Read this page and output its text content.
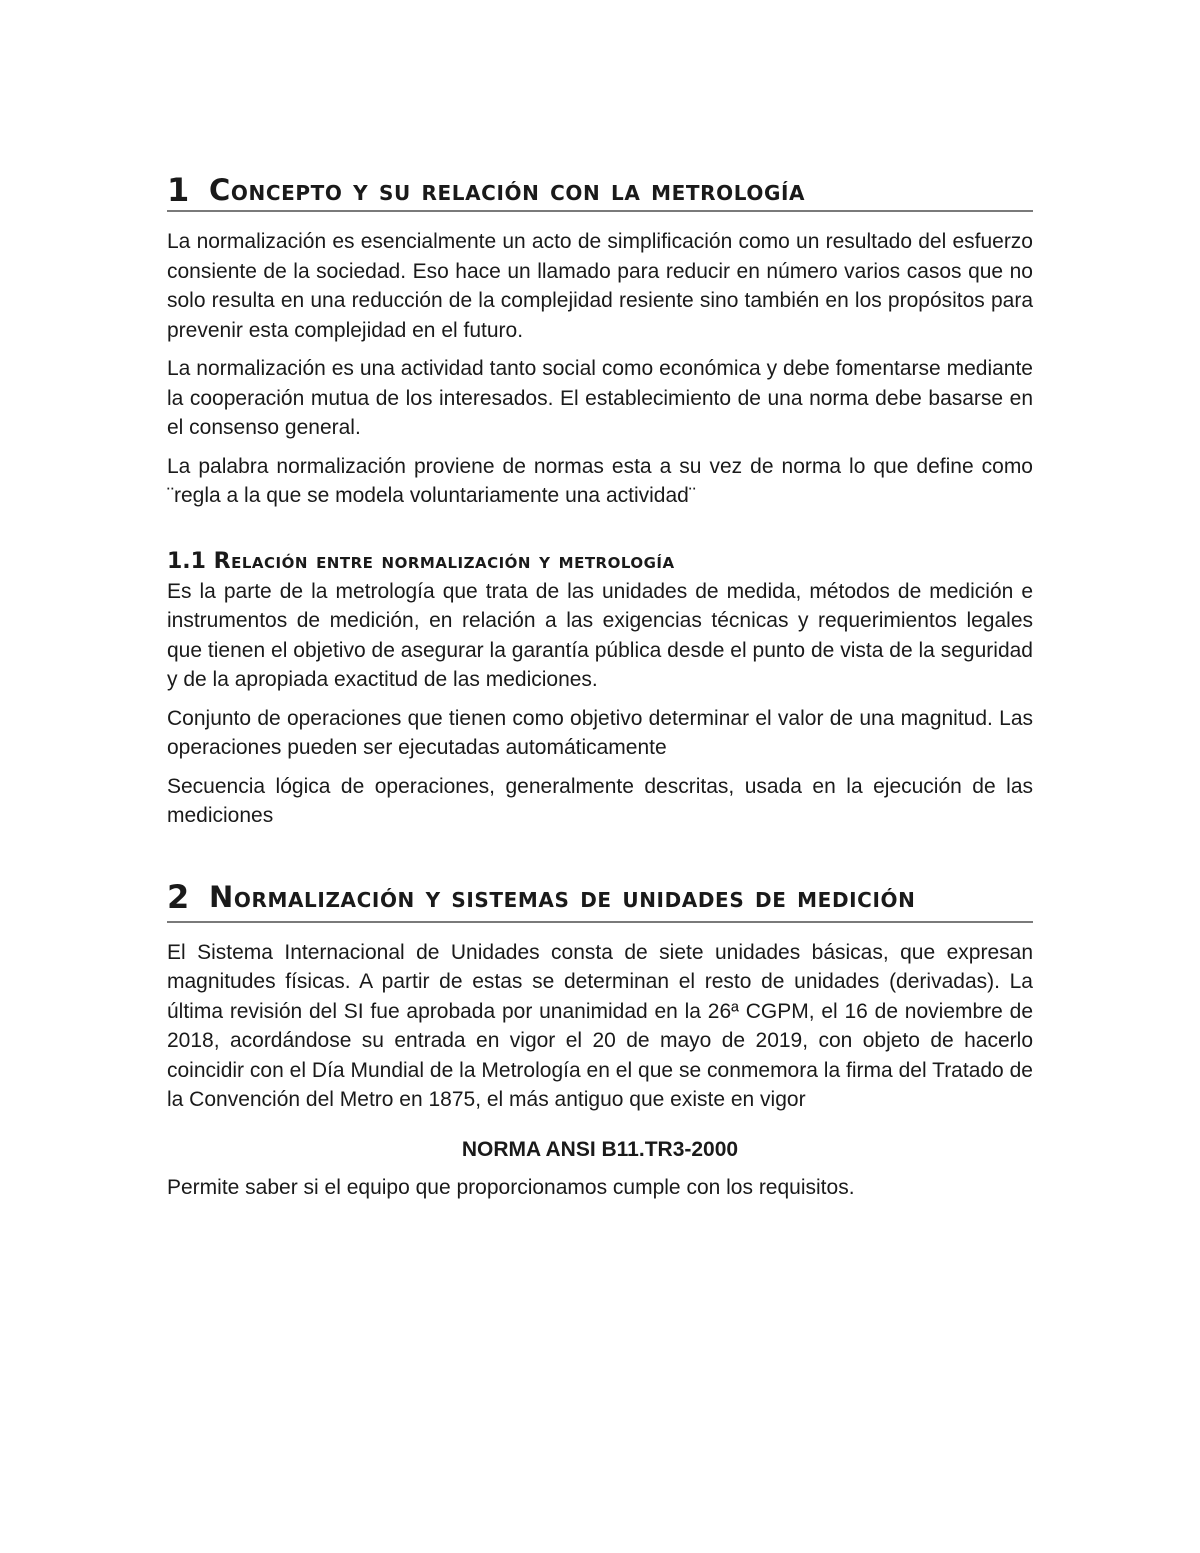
1 Concepto y su relación con la metrología

La normalización es esencialmente un acto de simplificación como un resultado del esfuerzo consiente de la sociedad. Eso hace un llamado para reducir en número varios casos que no solo resulta en una reducción de la complejidad resiente sino también en los propósitos para prevenir esta complejidad en el futuro.

La normalización es una actividad tanto social como económica y debe fomentarse mediante la cooperación mutua de los interesados. El establecimiento de una norma debe basarse en el consenso general.

La palabra normalización proviene de normas esta a su vez de norma lo que define como ¨regla a la que se modela voluntariamente una actividad¨

1.1 Relación entre normalización y metrología

Es la parte de la metrología que trata de las unidades de medida, métodos de medición e instrumentos de medición, en relación a las exigencias técnicas y requerimientos legales que tienen el objetivo de asegurar la garantía pública desde el punto de vista de la seguridad y de la apropiada exactitud de las mediciones.

Conjunto de operaciones que tienen como objetivo determinar el valor de una magnitud. Las operaciones pueden ser ejecutadas automáticamente

Secuencia lógica de operaciones, generalmente descritas, usada en la ejecución de las mediciones

2 Normalización y sistemas de unidades de medición

El Sistema Internacional de Unidades consta de siete unidades básicas, que expresan magnitudes físicas. A partir de estas se determinan el resto de unidades (derivadas). La última revisión del SI fue aprobada por unanimidad en la 26ª CGPM, el 16 de noviembre de 2018, acordándose su entrada en vigor el 20 de mayo de 2019, con objeto de hacerlo coincidir con el Día Mundial de la Metrología en el que se conmemora la firma del Tratado de la Convención del Metro en 1875, el más antiguo que existe en vigor

NORMA ANSI B11.TR3-2000

Permite saber si el equipo que proporcionamos cumple con los requisitos.
